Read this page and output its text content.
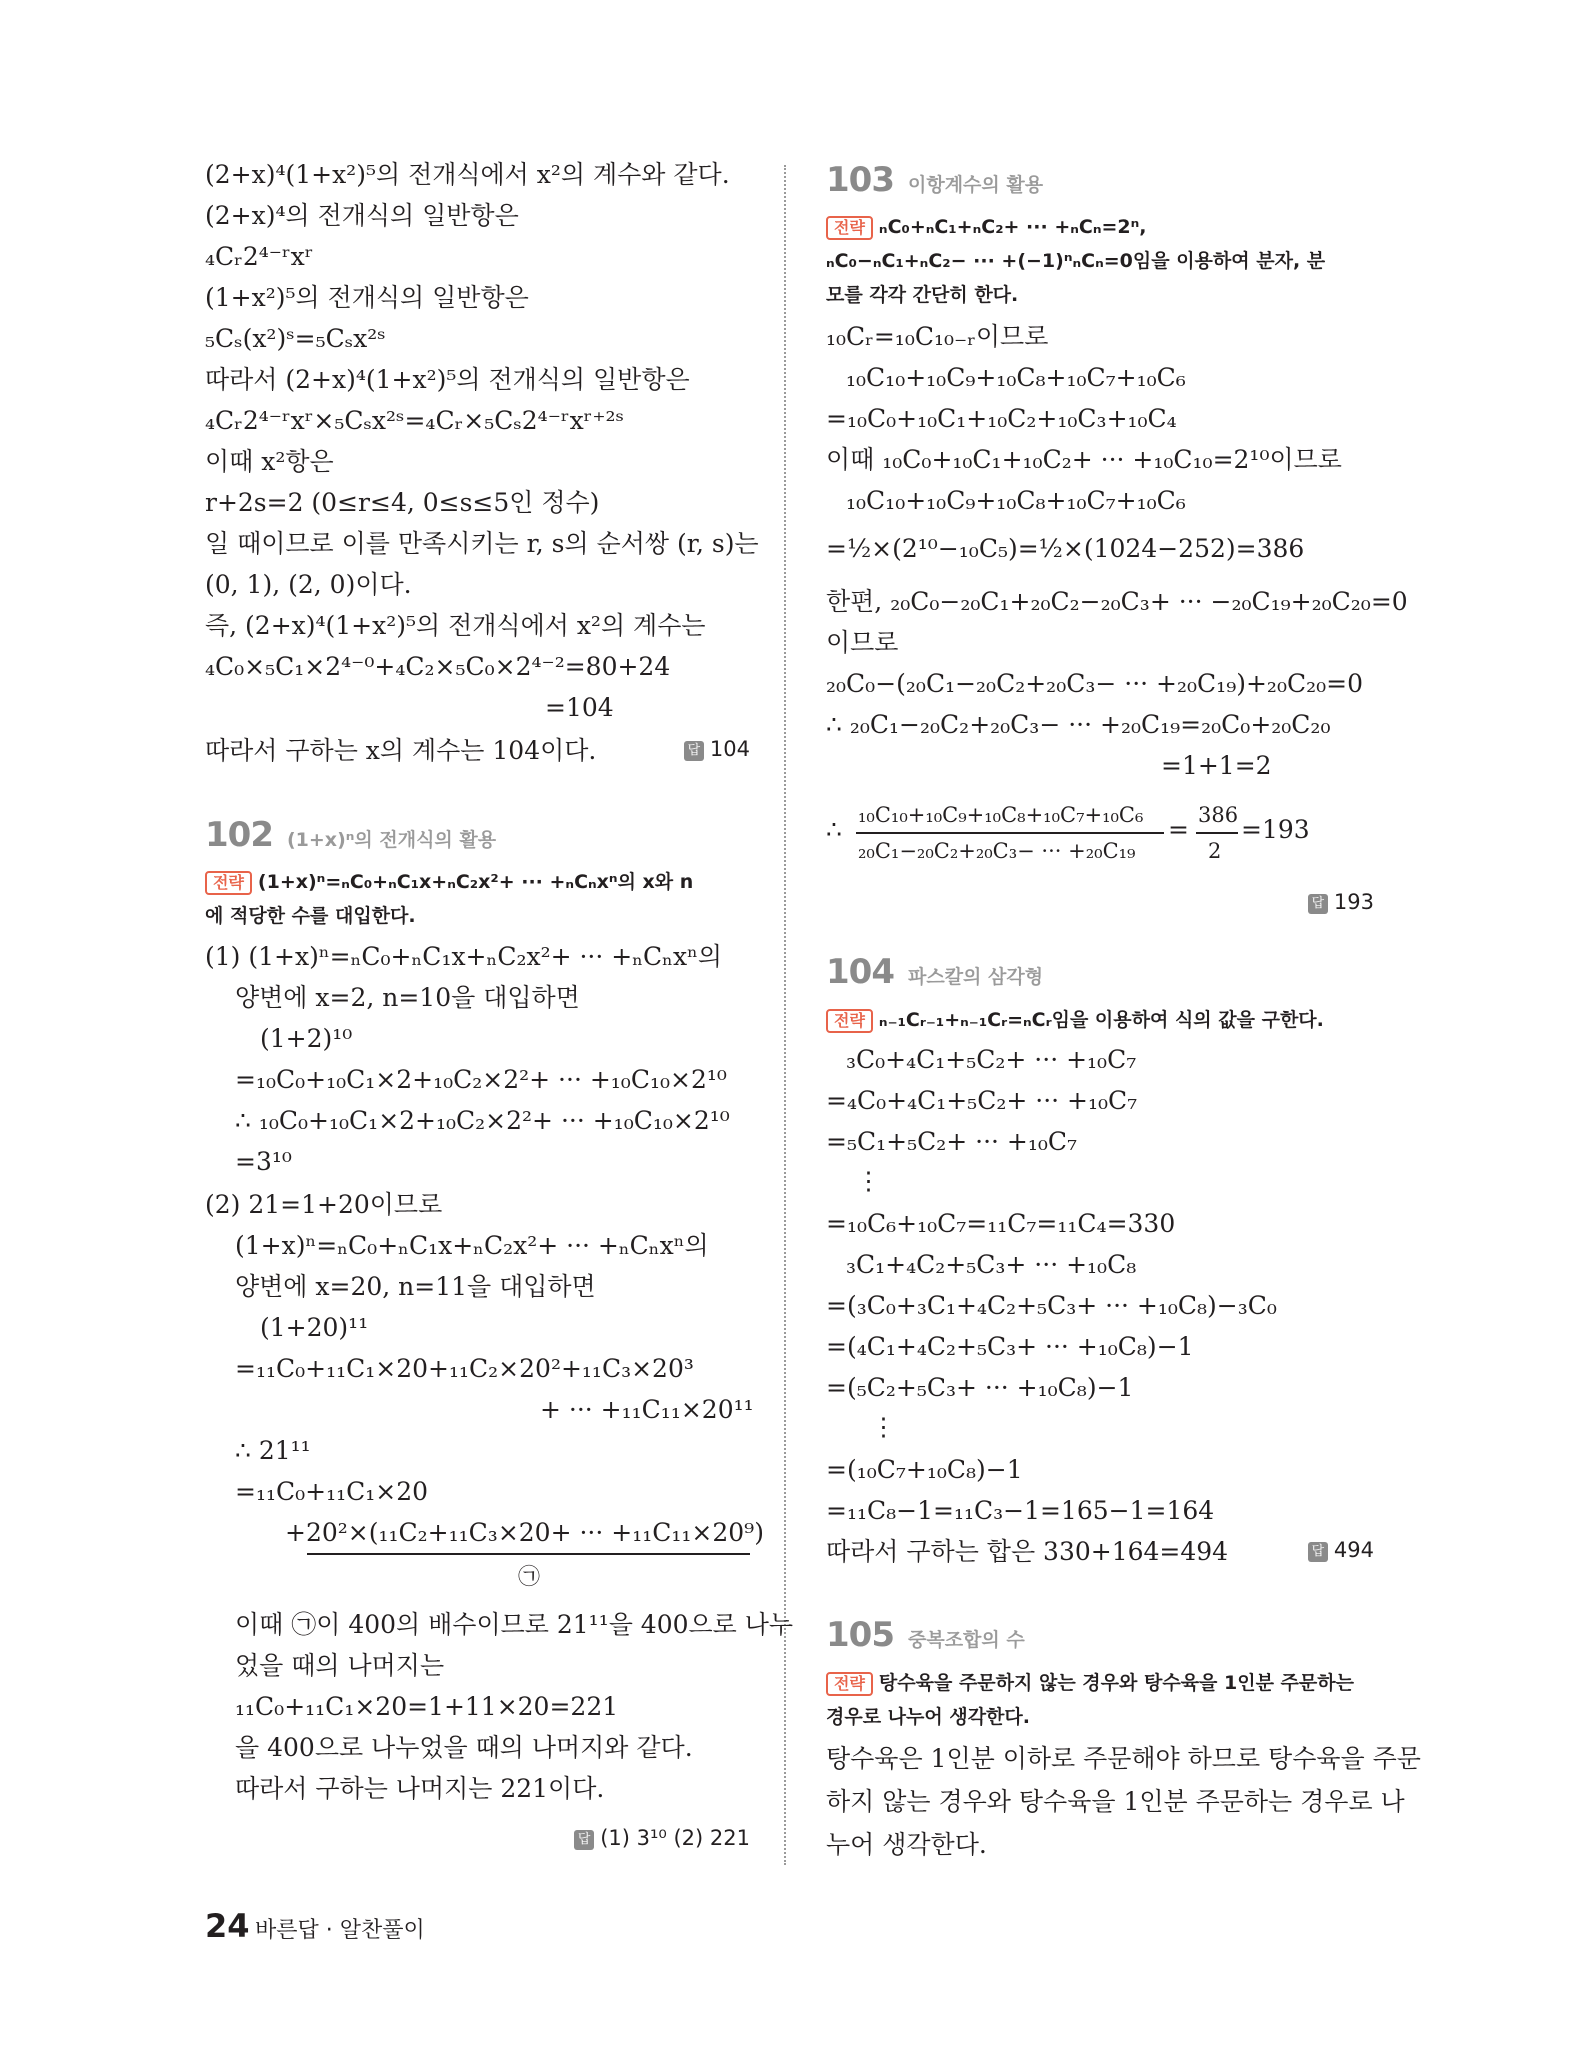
(2+x)⁴(1+x²)⁵의 전개식에서 x²의 계수와 같다.
(2+x)⁴의 전개식의 일반항은
₄Cᵣ2⁴⁻ʳxʳ
(1+x²)⁵의 전개식의 일반항은
₅Cₛ(x²)ˢ=₅Cₛx²ˢ
따라서 (2+x)⁴(1+x²)⁵의 전개식의 일반항은
₄Cᵣ2⁴⁻ʳxʳ×₅Cₛx²ˢ=₄Cᵣ×₅Cₛ2⁴⁻ʳxʳ⁺²ˢ
이때 x²항은
r+2s=2 (0≤r≤4, 0≤s≤5인 정수)
일 때이므로 이를 만족시키는 r, s의 순서쌍 (r, s)는
(0, 1), (2, 0)이다.
즉, (2+x)⁴(1+x²)⁵의 전개식에서 x²의 계수는
₄C₀×₅C₁×2⁴⁻⁰+₄C₂×₅C₀×2⁴⁻²=80+24
=104
따라서 구하는 x의 계수는 104이다.	답 104
102 (1+x)ⁿ의 전개식의 활용
전략 (1+x)ⁿ=ₙC₀+ₙC₁x+ₙC₂x²+ ··· +ₙCₙxⁿ의 x와 n
에 적당한 수를 대입한다.
(1) (1+x)ⁿ=ₙC₀+ₙC₁x+ₙC₂x²+ ··· +ₙCₙxⁿ의
양변에 x=2, n=10을 대입하면
(1+2)¹⁰
=₁₀C₀+₁₀C₁×2+₁₀C₂×2²+ ··· +₁₀C₁₀×2¹⁰
∴ ₁₀C₀+₁₀C₁×2+₁₀C₂×2²+ ··· +₁₀C₁₀×2¹⁰
=3¹⁰
(2) 21=1+20이므로
(1+x)ⁿ=ₙC₀+ₙC₁x+ₙC₂x²+ ··· +ₙCₙxⁿ의
양변에 x=20, n=11을 대입하면
(1+20)¹¹
=₁₁C₀+₁₁C₁×20+₁₁C₂×20²+₁₁C₃×20³
+ ··· +₁₁C₁₁×20¹¹
∴ 21¹¹
=₁₁C₀+₁₁C₁×20
+20²×(₁₁C₂+₁₁C₃×20+ ··· +₁₁C₁₁×20⁹)
㉠
이때 ㉠이 400의 배수이므로 21¹¹을 400으로 나누
었을 때의 나머지는
₁₁C₀+₁₁C₁×20=1+11×20=221
을 400으로 나누었을 때의 나머지와 같다.
따라서 구하는 나머지는 221이다.
답 (1) 3¹⁰ (2) 221
103 이항계수의 활용
전략 ₙC₀+ₙC₁+ₙC₂+ ··· +ₙCₙ=2ⁿ,
ₙC₀−ₙC₁+ₙC₂− ··· +(−1)ⁿₙCₙ=0임을 이용하여 분자, 분
모를 각각 간단히 한다.
₁₀Cᵣ=₁₀C₁₀₋ᵣ이므로
₁₀C₁₀+₁₀C₉+₁₀C₈+₁₀C₇+₁₀C₆
=₁₀C₀+₁₀C₁+₁₀C₂+₁₀C₃+₁₀C₄
이때 ₁₀C₀+₁₀C₁+₁₀C₂+ ··· +₁₀C₁₀=2¹⁰이므로
₁₀C₁₀+₁₀C₉+₁₀C₈+₁₀C₇+₁₀C₆
=½×(2¹⁰−₁₀C₅)=½×(1024−252)=386
한편, ₂₀C₀−₂₀C₁+₂₀C₂−₂₀C₃+ ··· −₂₀C₁₉+₂₀C₂₀=0
이므로
₂₀C₀−(₂₀C₁−₂₀C₂+₂₀C₃− ··· +₂₀C₁₉)+₂₀C₂₀=0
∴ ₂₀C₁−₂₀C₂+₂₀C₃− ··· +₂₀C₁₉=₂₀C₀+₂₀C₂₀
=1+1=2
∴ ₁₀C₁₀+₁₀C₉+₁₀C₈+₁₀C₇+₁₀C₆
₂₀C₁−₂₀C₂+₂₀C₃− ··· +₂₀C₁₉
= 386
2
=193
답 193
104 파스칼의 삼각형
전략 ₙ₋₁Cᵣ₋₁+ₙ₋₁Cᵣ=ₙCᵣ임을 이용하여 식의 값을 구한다.
₃C₀+₄C₁+₅C₂+ ··· +₁₀C₇
=₄C₀+₄C₁+₅C₂+ ··· +₁₀C₇
=₅C₁+₅C₂+ ··· +₁₀C₇
⋮
=₁₀C₆+₁₀C₇=₁₁C₇=₁₁C₄=330
₃C₁+₄C₂+₅C₃+ ··· +₁₀C₈
=(₃C₀+₃C₁+₄C₂+₅C₃+ ··· +₁₀C₈)−₃C₀
=(₄C₁+₄C₂+₅C₃+ ··· +₁₀C₈)−1
=(₅C₂+₅C₃+ ··· +₁₀C₈)−1
⋮
=(₁₀C₇+₁₀C₈)−1
=₁₁C₈−1=₁₁C₃−1=165−1=164
따라서 구하는 합은 330+164=494	답 494
105 중복조합의 수
전략 탕수육을 주문하지 않는 경우와 탕수육을 1인분 주문하는
경우로 나누어 생각한다.
탕수육은 1인분 이하로 주문해야 하므로 탕수육을 주문
하지 않는 경우와 탕수육을 1인분 주문하는 경우로 나
누어 생각한다.
24 바른답 · 알찬풀이
